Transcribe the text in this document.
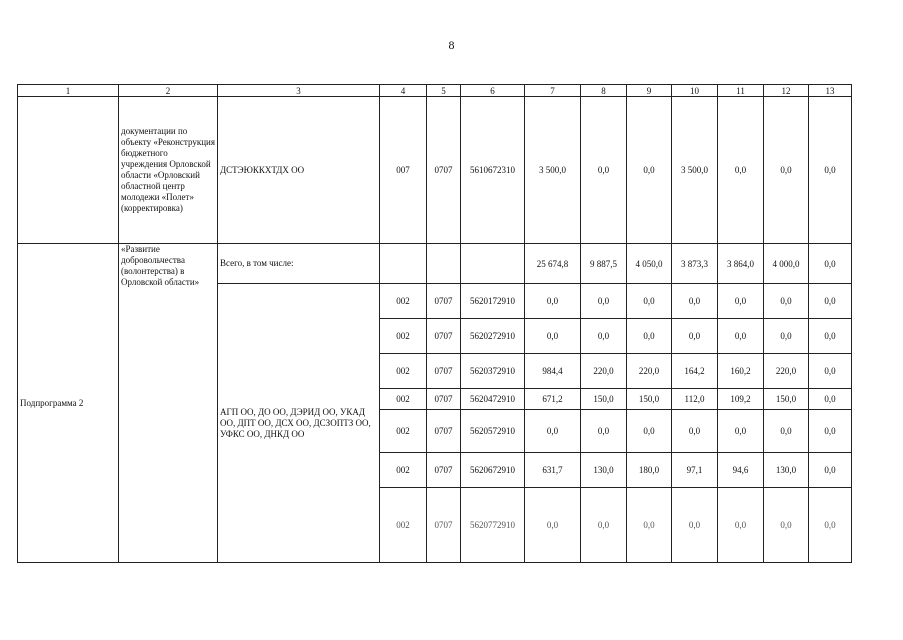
8
1	2	3	4	5	6	7	8	9	10	11	12	13
	документации по объекту «Реконструкция бюджетного учреждения Орловской области «Орловский областной центр молодежи «Полет» (корректировка)	ДСТЭЮККХТДХ ОО	007	0707	5610672310	3 500,0	0,0	0,0	3 500,0	0,0	0,0	0,0
Подпрограмма 2	«Развитие добровольчества (волонтерства) в Орловской области»	Всего, в том числе:				25 674,8	9 887,5	4 050,0	3 873,3	3 864,0	4 000,0	0,0
		АГП ОО, ДО ОО, ДЭРИД ОО, УКАД ОО, ДПТ ОО, ДСХ ОО, ДСЗОПТЗ ОО, УФКС ОО, ДНКД ОО	002	0707	5620172910	0,0	0,0	0,0	0,0	0,0	0,0	0,0
			002	0707	5620272910	0,0	0,0	0,0	0,0	0,0	0,0	0,0
			002	0707	5620372910	984,4	220,0	220,0	164,2	160,2	220,0	0,0
			002	0707	5620472910	671,2	150,0	150,0	112,0	109,2	150,0	0,0
			002	0707	5620572910	0,0	0,0	0,0	0,0	0,0	0,0	0,0
			002	0707	5620672910	631,7	130,0	180,0	97,1	94,6	130,0	0,0
			002	0707	5620772910	0,0	0,0	0,0	0,0	0,0	0,0	0,0
